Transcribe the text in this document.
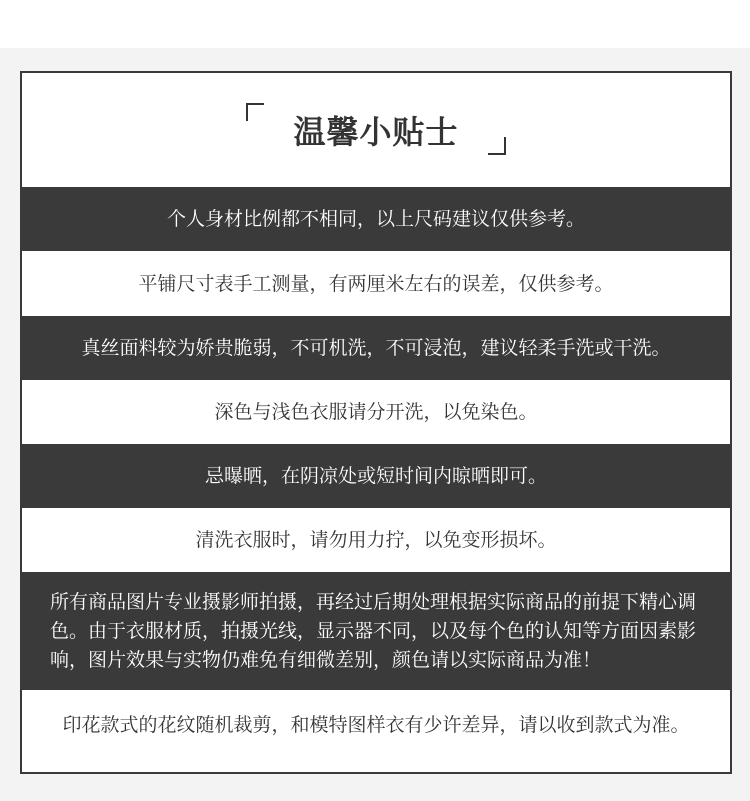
温馨小贴士
个人身材比例都不相同，以上尺码建议仅供参考。
平铺尺寸表手工测量，有两厘米左右的误差，仅供参考。
真丝面料较为娇贵脆弱，不可机洗，不可浸泡，建议轻柔手洗或干洗。
深色与浅色衣服请分开洗，以免染色。
忌曝晒，在阴凉处或短时间内晾晒即可。
清洗衣服时，请勿用力拧，以免变形损坏。
所有商品图片专业摄影师拍摄，再经过后期处理根据实际商品的前提下精心调色。由于衣服材质，拍摄光线，显示器不同，以及每个色的认知等方面因素影响，图片效果与实物仍难免有细微差别，颜色请以实际商品为准！
印花款式的花纹随机裁剪，和模特图样衣有少许差异，请以收到款式为准。
